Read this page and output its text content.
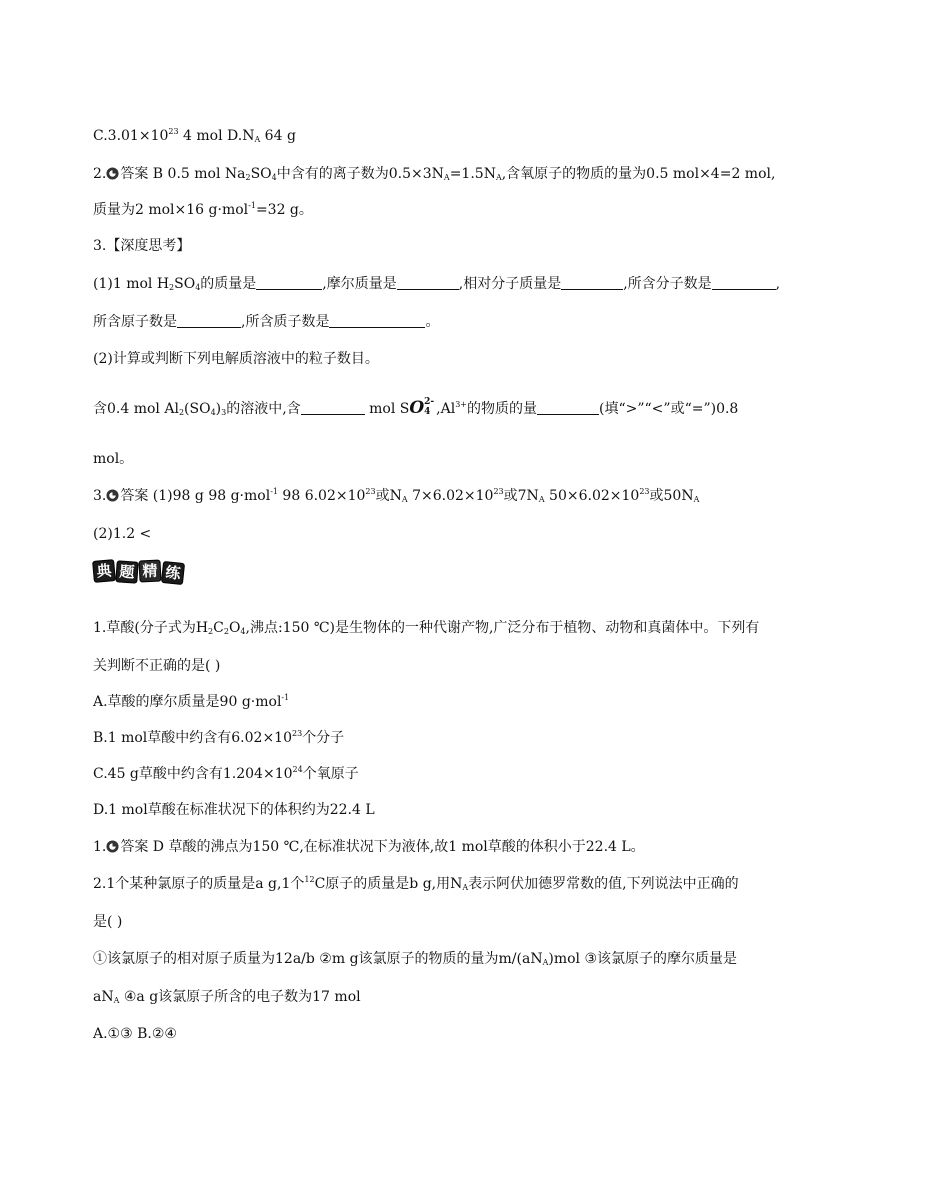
$C.3.01\times 10^{23}$ 4 mol $D.N_A$ 64 g
2. 答案 B 0.5 mol $Na_2SO_4$中含有的离子数为$0.5\times 3N_A=1.5N_A$,含氧原子的物质的量为0.5 mol×4=2 mol,
质量为2 mol×16 g·mol$^{-1}$=32 g。
3.【深度思考】
(1)1 mol $H_2SO_4$的质量是	,摩尔质量是	,相对分子质量是	,所含分子数是	,
所含原子数是	,所含质子数是	。
(2)计算或判断下列电解质溶液中的粒子数目。
含0.4 mol $Al_2(SO_4)_3$的溶液中,含	mol SO 2-
4 $,Al^{3+}$的物质的量	(填“>”“<”或“=”)0.8
mol。
3. 答案 (1)98 g 98 g·mol$^{-1}$ 98 $6.02\times 10^{23}$或$N_A$ $7\times 6.02\times 10^{23}$或$7N_A$ $50\times 6.02\times 10^{23}$或$50N_A$
(2)1.2 <
典 题 精 练
1.草酸(分子式为$H_2C_2O_4$,沸点:150 ℃)是生物体的一种代谢产物,广泛分布于植物、动物和真菌体中。下列有
关判断不正确的是( )
A.草酸的摩尔质量是90 g·mol$^{-1}$
B.1 mol草酸中约含有$6.02\times 10^{23}$个分子
C.45 g草酸中约含有$1.204\times 10^{24}$个氧原子
D.1 mol草酸在标准状况下的体积约为22.4 L
1. 答案 D 草酸的沸点为150 ℃,在标准状况下为液体,故1 mol草酸的体积小于22.4 L。
2.1个某种氯原子的质量是a g,1个$^{12}$C原子的质量是b g,用$N_A$表示阿伏加德罗常数的值,下列说法中正确的
是( )
①该氯原子的相对原子质量为12a/b ②m g该氯原子的物质的量为$m/(aN_A)mol$ ③该氯原子的摩尔质量是
$aN_A$ ④a g该氯原子所含的电子数为17 mol
A.①③ B.②④
